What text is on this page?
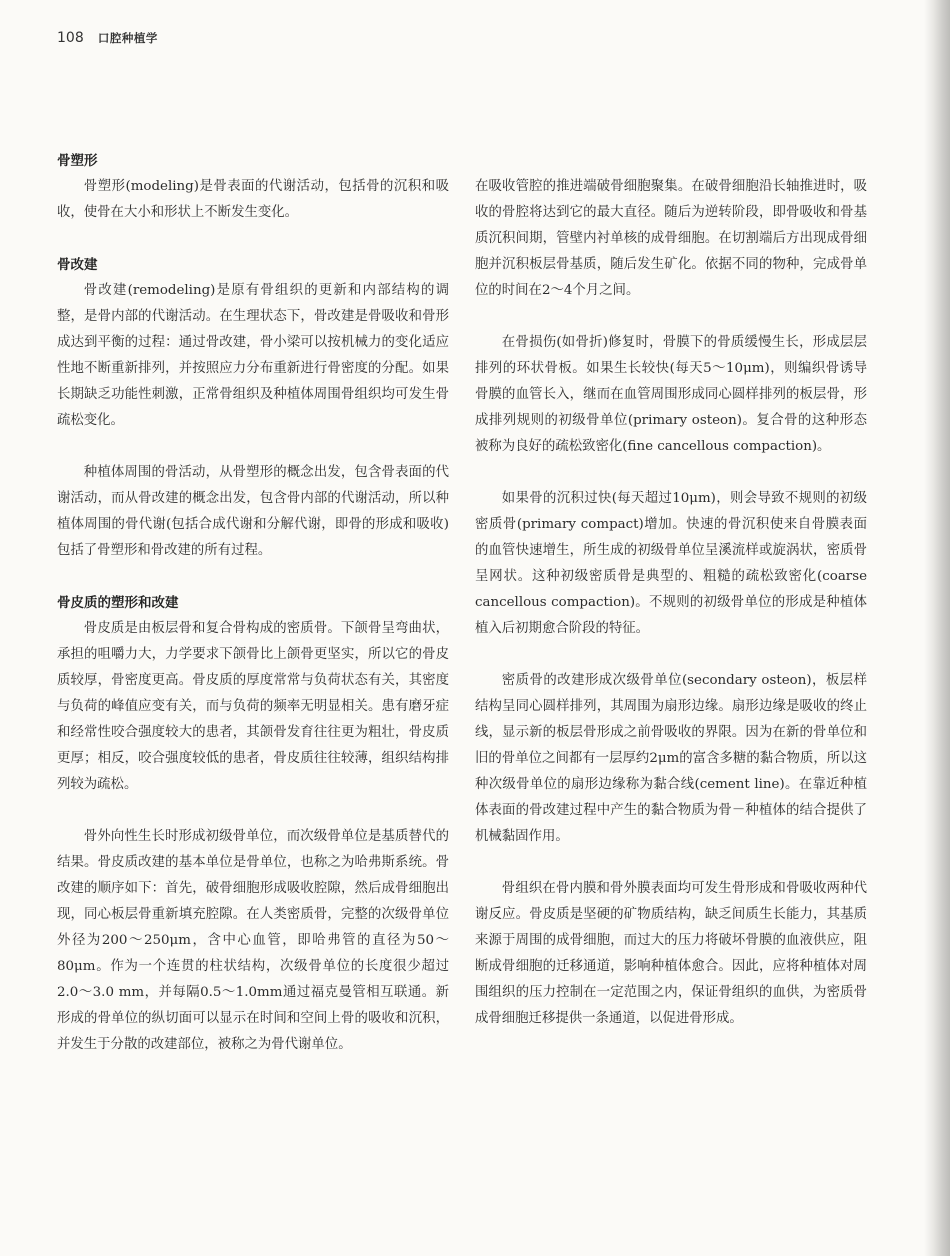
108 口腔种植学
骨塑形

骨塑形(modeling)是骨表面的代谢活动，包括骨的沉积和吸收，使骨在大小和形状上不断发生变化。

骨改建

骨改建(remodeling)是原有骨组织的更新和内部结构的调整，是骨内部的代谢活动。在生理状态下，骨改建是骨吸收和骨形成达到平衡的过程：通过骨改建，骨小梁可以按机械力的变化适应性地不断重新排列，并按照应力分布重新进行骨密度的分配。如果长期缺乏功能性刺激，正常骨组织及种植体周围骨组织均可发生骨疏松变化。

种植体周围的骨活动，从骨塑形的概念出发，包含骨表面的代谢活动，而从骨改建的概念出发，包含骨内部的代谢活动，所以种植体周围的骨代谢(包括合成代谢和分解代谢，即骨的形成和吸收)包括了骨塑形和骨改建的所有过程。

骨皮质的塑形和改建

骨皮质是由板层骨和复合骨构成的密质骨。下颌骨呈弯曲状，承担的咀嚼力大，力学要求下颌骨比上颌骨更坚实，所以它的骨皮质较厚，骨密度更高。骨皮质的厚度常常与负荷状态有关，其密度与负荷的峰值应变有关，而与负荷的频率无明显相关。患有磨牙症和经常性咬合强度较大的患者，其颌骨发育往往更为粗壮，骨皮质更厚；相反，咬合强度较低的患者，骨皮质往往较薄，组织结构排列较为疏松。

骨外向性生长时形成初级骨单位，而次级骨单位是基质替代的结果。骨皮质改建的基本单位是骨单位，也称之为哈弗斯系统。骨改建的顺序如下：首先，破骨细胞形成吸收腔隙，然后成骨细胞出现，同心板层骨重新填充腔隙。在人类密质骨，完整的次级骨单位外径为200～250μm，含中心血管，即哈弗管的直径为50～80μm。作为一个连贯的柱状结构，次级骨单位的长度很少超过2.0～3.0 mm，并每隔0.5～1.0mm通过福克曼管相互联通。新形成的骨单位的纵切面可以显示在时间和空间上骨的吸收和沉积，并发生于分散的改建部位，被称之为骨代谢单位。

在吸收管腔的推进端破骨细胞聚集。在破骨细胞沿长轴推进时，吸收的骨腔将达到它的最大直径。随后为逆转阶段，即骨吸收和骨基质沉积间期，管壁内衬单核的成骨细胞。在切割端后方出现成骨细胞并沉积板层骨基质，随后发生矿化。依据不同的物种，完成骨单位的时间在2～4个月之间。

在骨损伤(如骨折)修复时，骨膜下的骨质缓慢生长，形成层层排列的环状骨板。如果生长较快(每天5～10μm)，则编织骨诱导骨膜的血管长入，继而在血管周围形成同心圆样排列的板层骨，形成排列规则的初级骨单位(primary osteon)。复合骨的这种形态被称为良好的疏松致密化(fine cancellous compaction)。

如果骨的沉积过快(每天超过10μm)，则会导致不规则的初级密质骨(primary compact)增加。快速的骨沉积使来自骨膜表面的血管快速增生，所生成的初级骨单位呈溪流样或旋涡状，密质骨呈网状。这种初级密质骨是典型的、粗糙的疏松致密化(coarse cancellous compaction)。不规则的初级骨单位的形成是种植体植入后初期愈合阶段的特征。

密质骨的改建形成次级骨单位(secondary osteon)，板层样结构呈同心圆样排列，其周围为扇形边缘。扇形边缘是吸收的终止线，显示新的板层骨形成之前骨吸收的界限。因为在新的骨单位和旧的骨单位之间都有一层厚约2μm的富含多糖的黏合物质，所以这种次级骨单位的扇形边缘称为黏合线(cement line)。在靠近种植体表面的骨改建过程中产生的黏合物质为骨－种植体的结合提供了机械黏固作用。

骨组织在骨内膜和骨外膜表面均可发生骨形成和骨吸收两种代谢反应。骨皮质是坚硬的矿物质结构，缺乏间质生长能力，其基质来源于周围的成骨细胞，而过大的压力将破坏骨膜的血液供应，阻断成骨细胞的迁移通道，影响种植体愈合。因此，应将种植体对周围组织的压力控制在一定范围之内，保证骨组织的血供，为密质骨成骨细胞迁移提供一条通道，以促进骨形成。
